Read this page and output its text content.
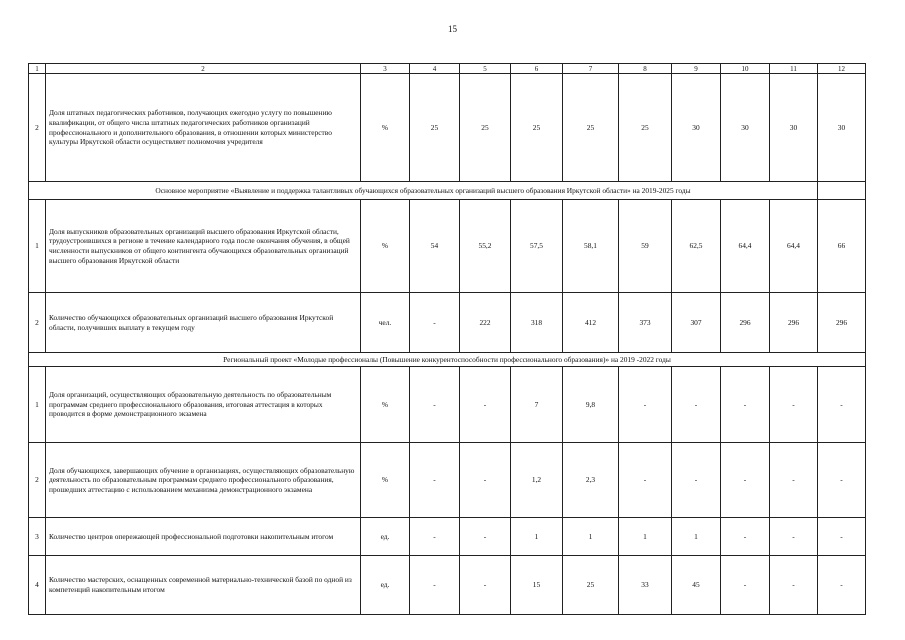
15
1	2	3	4	5	6	7	8	9	10	11	12
2	Доля штатных педагогических работников, получающих ежегодно услугу по повышению квалификации, от общего числа штатных педагогических работников организаций профессионального и дополнительного образования, в отношении которых министерство культуры Иркутской области осуществляет полномочия учредителя	%	25	25	25	25	25	30	30	30	30
Основное мероприятие «Выявление и поддержка талантливых обучающихся образовательных организаций высшего образования Иркутской области» на 2019-2025 годы											
1	Доля выпускников образовательных организаций высшего образования Иркутской области, трудоустроившихся в регионе в течение календарного года после окончания обучения, в общей численности выпускников от общего контингента обучающихся образовательных организаций высшего образования Иркутской области	%	54	55,2	57,5	58,1	59	62,5	64,4	64,4	66
2	Количество обучающихся образовательных организаций высшего образования Иркутской области, получивших выплату в текущем году	чел.	-	222	318	412	373	307	296	296	296
Региональный проект «Молодые профессионалы (Повышение конкурентоспособности профессионального образования)» на 2019 -2022 годы											
1	Доля организаций, осуществляющих образовательную деятельность по образовательным программам среднего профессионального образования, итоговая аттестация в которых проводится в форме демонстрационного экзамена	%	-	-	7	9,8	-	-	-	-	-
2	Доля обучающихся, завершающих обучение в организациях, осуществляющих образовательную деятельность по образовательным программам среднего профессионального образования, прошедших аттестацию с использованием механизма демонстрационного экзамена	%	-	-	1,2	2,3	-	-	-	-	-
3	Количество центров опережающей профессиональной подготовки накопительным итогом	ед.	-	-	1	1	1	1	-	-	-
4	Количество мастерских, оснащенных современной материально-технической базой по одной из компетенций накопительным итогом	ед.	-	-	15	25	33	45	-	-	-
